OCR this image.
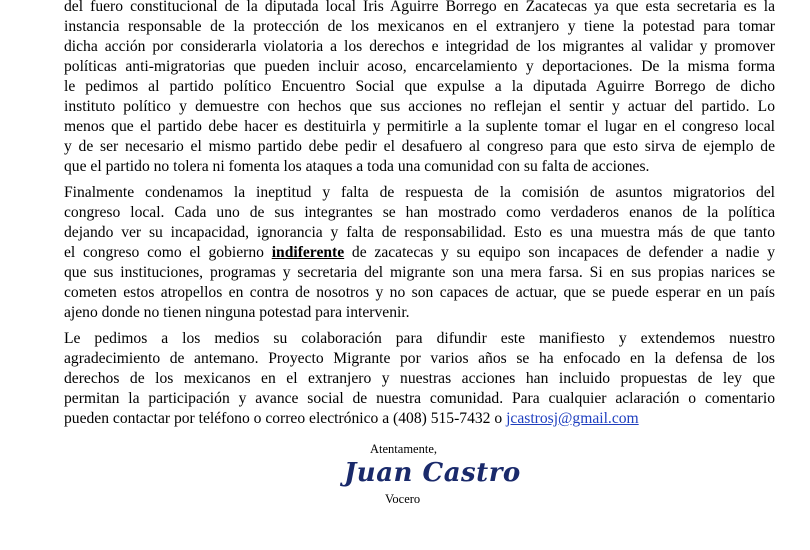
del fuero constitucional de la diputada local Iris Aguirre Borrego en Zacatecas ya que esta secretaria es la
instancia responsable de la protección de los mexicanos en el extranjero y tiene la potestad para tomar
dicha acción por considerarla violatoria a los derechos e integridad de los migrantes al validar y promover
políticas anti-migratorias que pueden incluir acoso, encarcelamiento y deportaciones. De la misma forma
le pedimos al partido político Encuentro Social que expulse a la diputada Aguirre Borrego de dicho
instituto político y demuestre con hechos que sus acciones no reflejan el sentir y actuar del partido. Lo
menos que el partido debe hacer es destituirla y permitirle a la suplente tomar el lugar en el congreso local
y de ser necesario el mismo partido debe pedir el desafuero al congreso para que esto sirva de ejemplo de
que el partido no tolera ni fomenta los ataques a toda una comunidad con su falta de acciones.
Finalmente condenamos la ineptitud y falta de respuesta de la comisión de asuntos migratorios del
congreso local. Cada uno de sus integrantes se han mostrado como verdaderos enanos de la política
dejando ver su incapacidad, ignorancia y falta de responsabilidad. Esto es una muestra más de que tanto
el congreso como el gobierno indiferente de zacatecas y su equipo son incapaces de defender a nadie y
que sus instituciones, programas y secretaria del migrante son una mera farsa. Si en sus propias narices se
cometen estos atropellos en contra de nosotros y no son capaces de actuar, que se puede esperar en un país
ajeno donde no tienen ninguna potestad para intervenir.
Le pedimos a los medios su colaboración para difundir este manifiesto y extendemos nuestro
agradecimiento de antemano. Proyecto Migrante por varios años se ha enfocado en la defensa de los
derechos de los mexicanos en el extranjero y nuestras acciones han incluido propuestas de ley que
permitan la participación y avance social de nuestra comunidad. Para cualquier aclaración o comentario
pueden contactar por teléfono o correo electrónico a (408) 515-7432 o jcastrosj@gmail.com
Atentamente,
Juan Castro
Vocero
